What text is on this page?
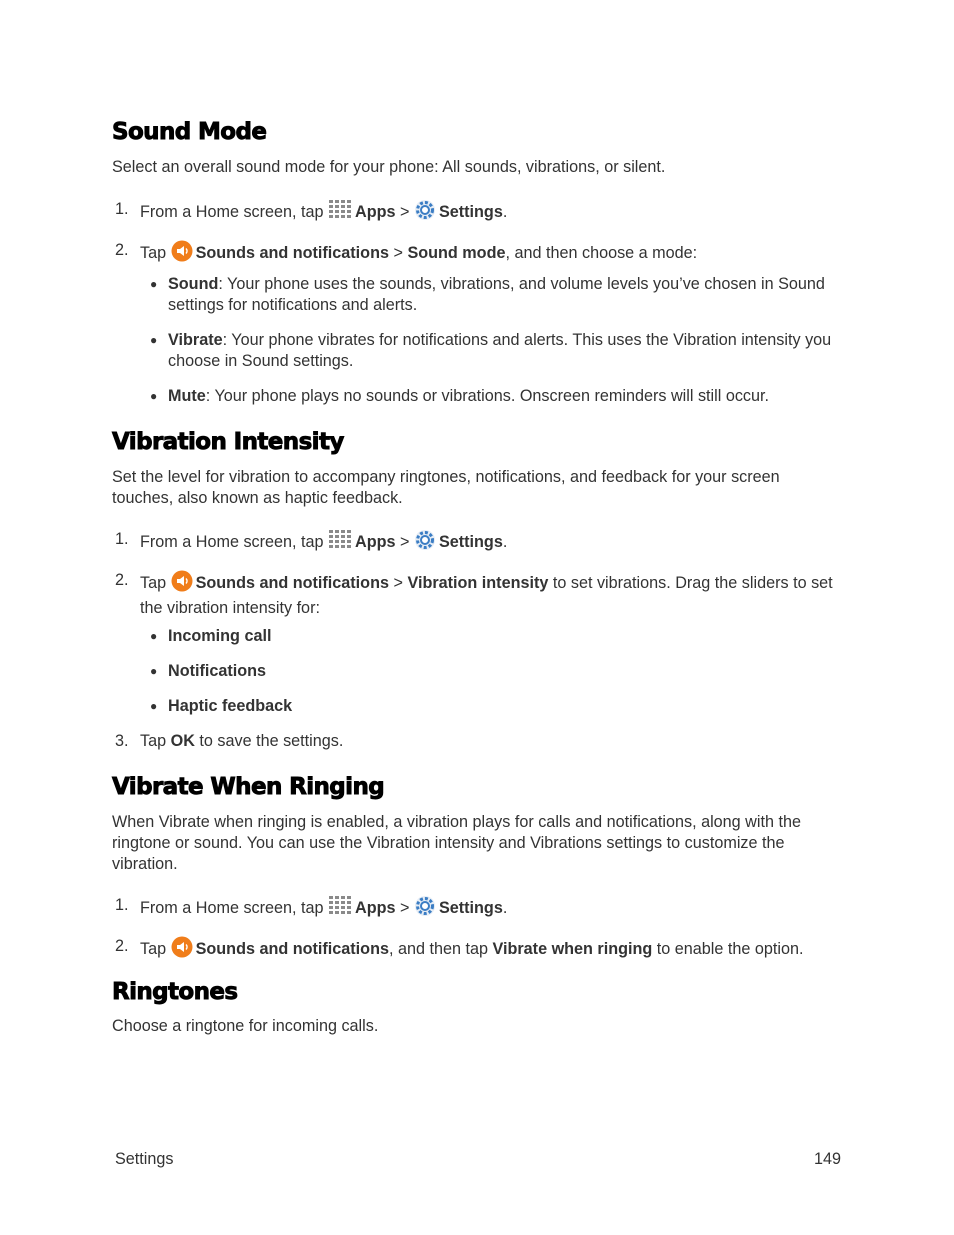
Sound Mode

Select an overall sound mode for your phone: All sounds, vibrations, or silent.

1. From a Home screen, tap Apps > Settings.
2. Tap Sounds and notifications > Sound mode, and then choose a mode:
● Sound: Your phone uses the sounds, vibrations, and volume levels you’ve chosen in Sound settings for notifications and alerts.
● Vibrate: Your phone vibrates for notifications and alerts. This uses the Vibration intensity you choose in Sound settings.
● Mute: Your phone plays no sounds or vibrations. Onscreen reminders will still occur.
Vibration Intensity

Set the level for vibration to accompany ringtones, notifications, and feedback for your screen touches, also known as haptic feedback.

1. From a Home screen, tap Apps > Settings.
2. Tap Sounds and notifications > Vibration intensity to set vibrations. Drag the sliders to set the vibration intensity for:
● Incoming call
● Notifications
● Haptic feedback
3. Tap OK to save the settings.
Vibrate When Ringing

When Vibrate when ringing is enabled, a vibration plays for calls and notifications, along with the ringtone or sound. You can use the Vibration intensity and Vibrations settings to customize the vibration.

1. From a Home screen, tap Apps > Settings.
2. Tap Sounds and notifications, and then tap Vibrate when ringing to enable the option.
Ringtones

Choose a ringtone for incoming calls.

Settings	149
